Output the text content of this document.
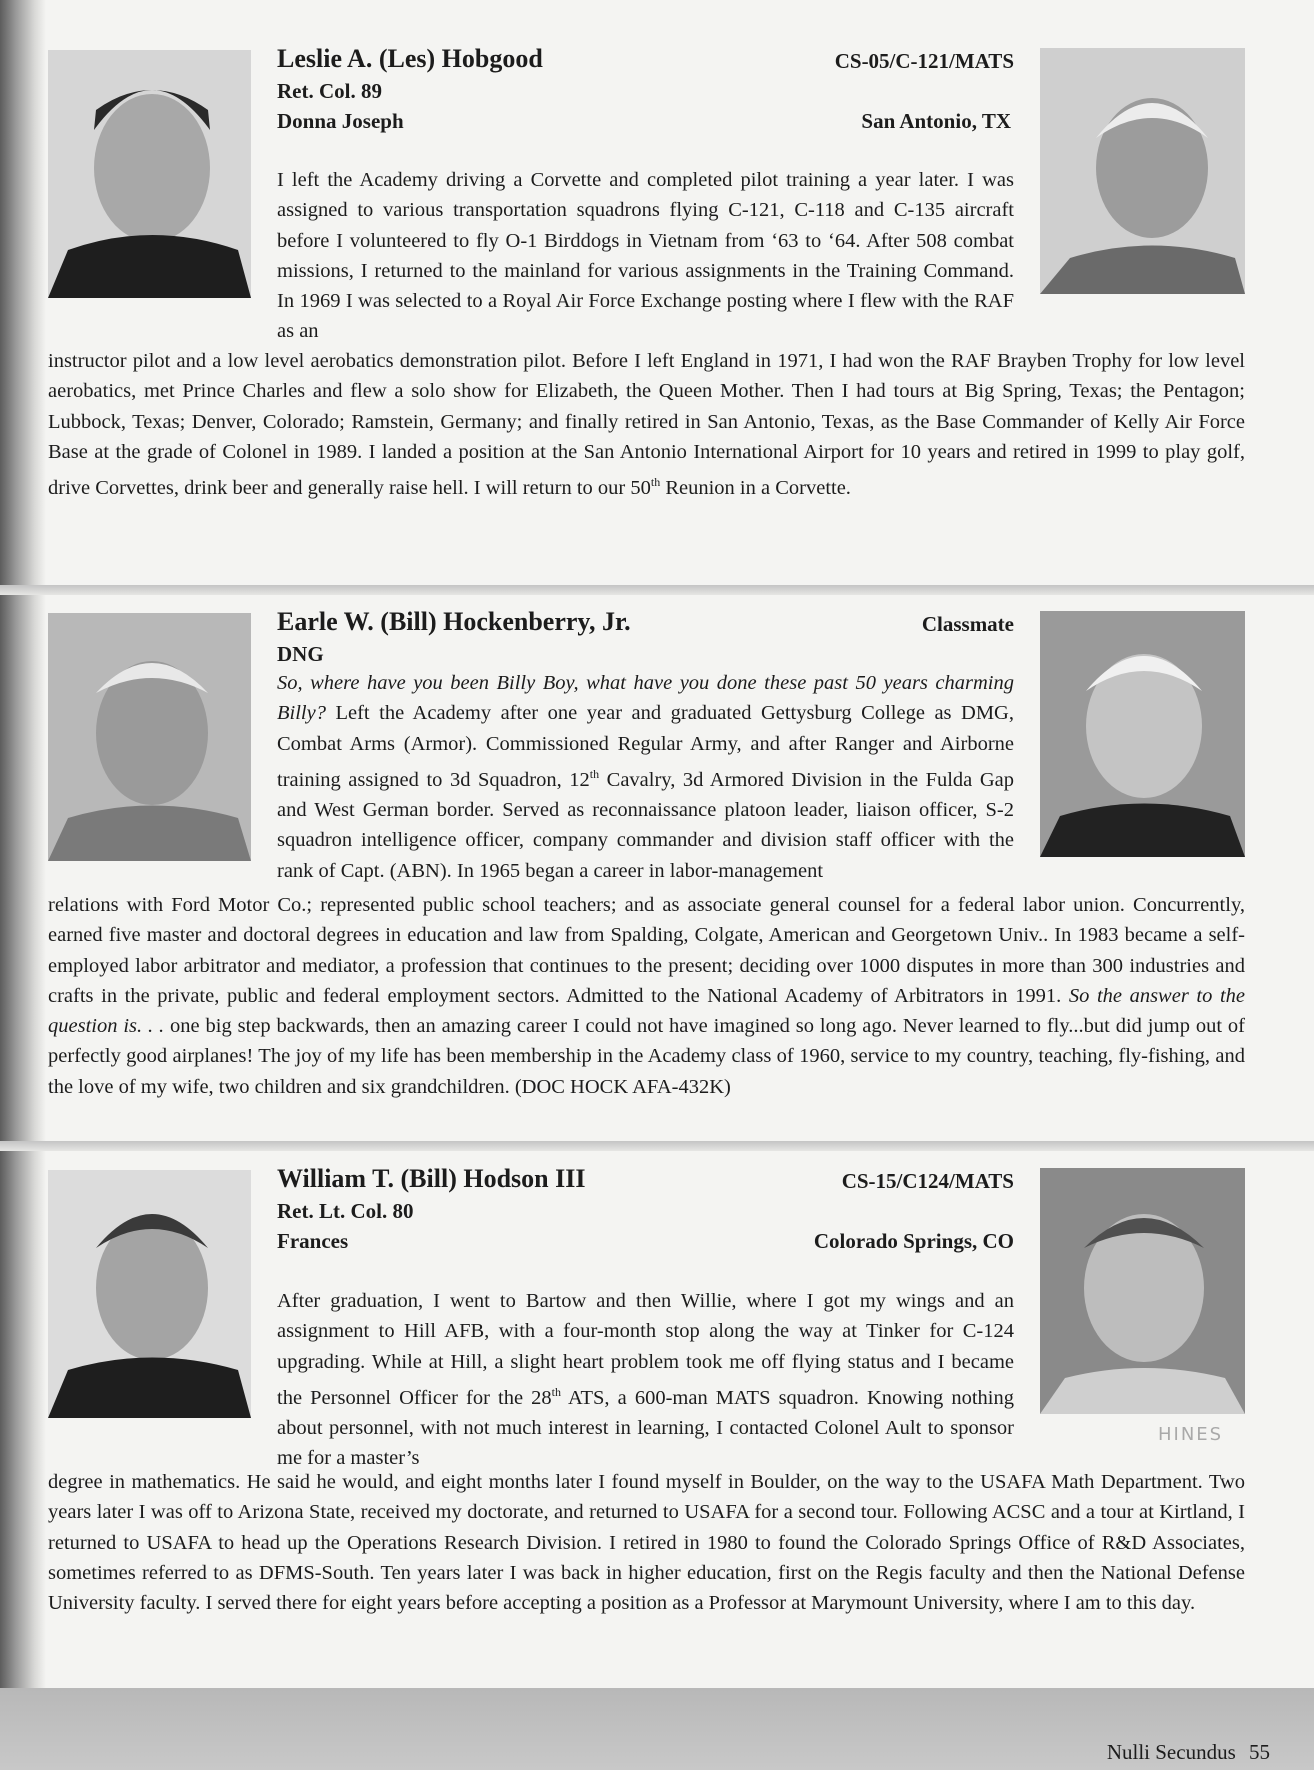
Leslie A. (Les) Hobgood
Ret. Col. 89
Donna Joseph
CS-05/C-121/MATS
San Antonio, TX

I left the Academy driving a Corvette and completed pilot training a year later. I was assigned to various transportation squadrons flying C-121, C-118 and C-135 aircraft before I volunteered to fly O-1 Birddogs in Vietnam from ‘63 to ‘64. After 508 combat missions, I returned to the mainland for various assignments in the Training Command. In 1969 I was selected to a Royal Air Force Exchange posting where I flew with the RAF as an

instructor pilot and a low level aerobatics demonstration pilot. Before I left England in 1971, I had won the RAF Brayben Trophy for low level aerobatics, met Prince Charles and flew a solo show for Elizabeth, the Queen Mother. Then I had tours at Big Spring, Texas; the Pentagon; Lubbock, Texas; Denver, Colorado; Ramstein, Germany; and finally retired in San Antonio, Texas, as the Base Commander of Kelly Air Force Base at the grade of Colonel in 1989. I landed a position at the San Antonio International Airport for 10 years and retired in 1999 to play golf, drive Corvettes, drink beer and generally raise hell. I will return to our 50th Reunion in a Corvette.

Earle W. (Bill) Hockenberry, Jr.
DNG
Classmate

So, where have you been Billy Boy, what have you done these past 50 years charming Billy? Left the Academy after one year and graduated Gettysburg College as DMG, Combat Arms (Armor). Commissioned Regular Army, and after Ranger and Airborne training assigned to 3d Squadron, 12th Cavalry, 3d Armored Division in the Fulda Gap and West German border. Served as reconnaissance platoon leader, liaison officer, S-2 squadron intelligence officer, company commander and division staff officer with the rank of Capt. (ABN). In 1965 began a career in labor-management

relations with Ford Motor Co.; represented public school teachers; and as associate general counsel for a federal labor union. Concurrently, earned five master and doctoral degrees in education and law from Spalding, Colgate, American and Georgetown Univ.. In 1983 became a self-employed labor arbitrator and mediator, a profession that continues to the present; deciding over 1000 disputes in more than 300 industries and crafts in the private, public and federal employment sectors. Admitted to the National Academy of Arbitrators in 1991. So the answer to the question is. . . one big step backwards, then an amazing career I could not have imagined so long ago. Never learned to fly...but did jump out of perfectly good airplanes! The joy of my life has been membership in the Academy class of 1960, service to my country, teaching, fly-fishing, and the love of my wife, two children and six grandchildren. (DOC HOCK AFA-432K)

William T. (Bill) Hodson III
Ret. Lt. Col. 80
Frances
CS-15/C124/MATS
Colorado Springs, CO
HINES

After graduation, I went to Bartow and then Willie, where I got my wings and an assignment to Hill AFB, with a four-month stop along the way at Tinker for C-124 upgrading. While at Hill, a slight heart problem took me off flying status and I became the Personnel Officer for the 28th ATS, a 600-man MATS squadron. Knowing nothing about personnel, with not much interest in learning, I contacted Colonel Ault to sponsor me for a master’s

degree in mathematics. He said he would, and eight months later I found myself in Boulder, on the way to the USAFA Math Department. Two years later I was off to Arizona State, received my doctorate, and returned to USAFA for a second tour. Following ACSC and a tour at Kirtland, I returned to USAFA to head up the Operations Research Division. I retired in 1980 to found the Colorado Springs Office of R&D Associates, sometimes referred to as DFMS-South. Ten years later I was back in higher education, first on the Regis faculty and then the National Defense University faculty. I served there for eight years before accepting a position as a Professor at Marymount University, where I am to this day.

Nulli Secundus 55
